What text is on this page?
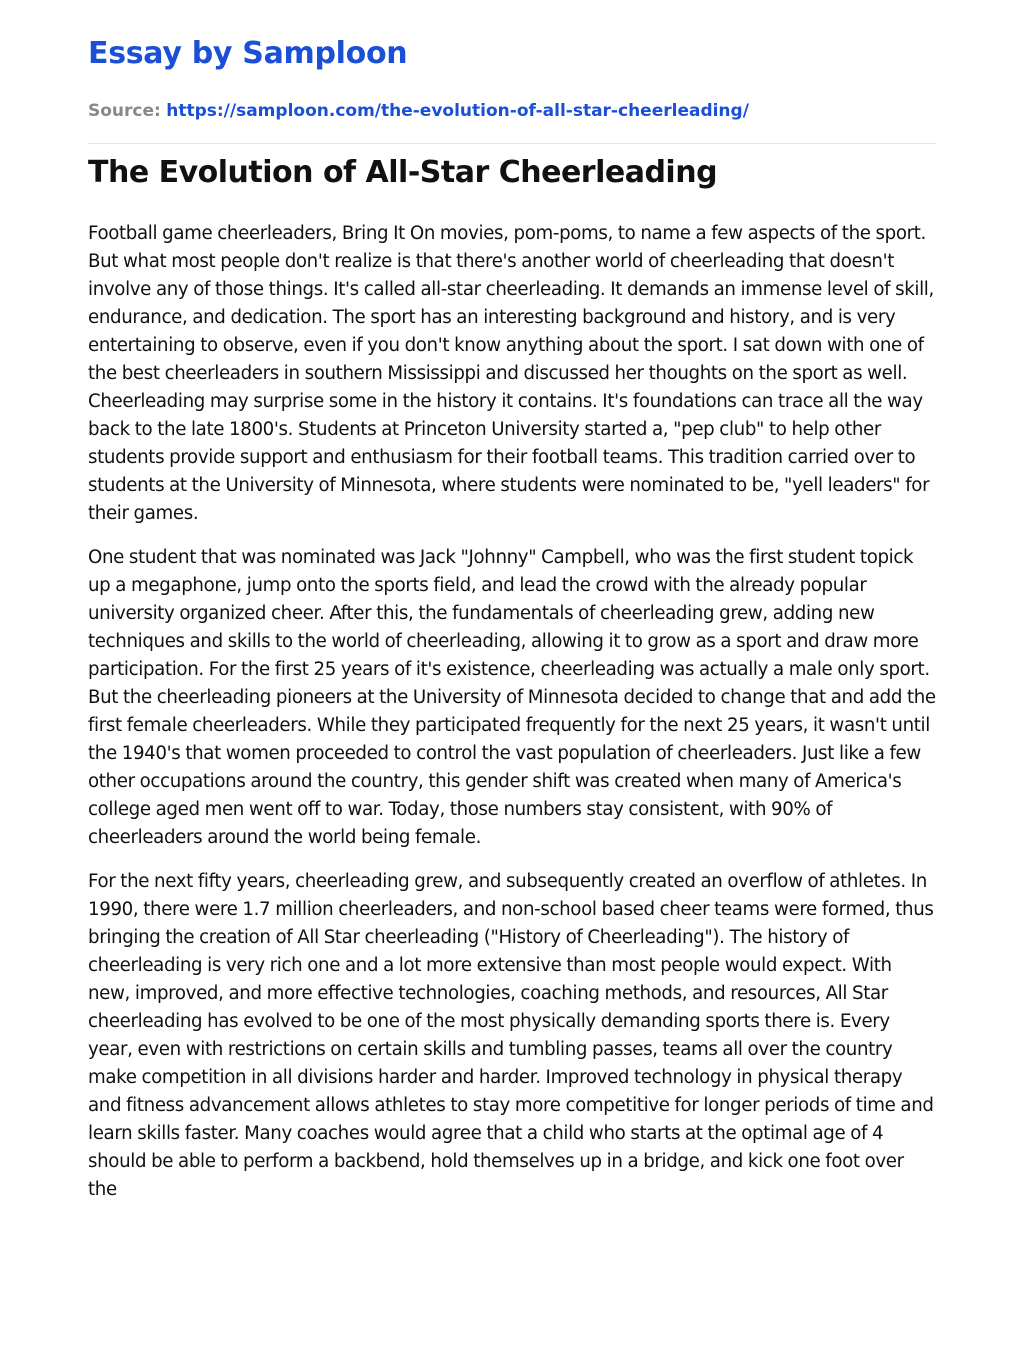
Essay by Samploon
Source: https://samploon.com/the-evolution-of-all-star-cheerleading/
The Evolution of All-Star Cheerleading

Football game cheerleaders, Bring It On movies, pom-poms, to name a few aspects of the sport. But what most people don't realize is that there's another world of cheerleading that doesn't involve any of those things. It's called all-star cheerleading. It demands an immense level of skill, endurance, and dedication. The sport has an interesting background and history, and is very entertaining to observe, even if you don't know anything about the sport. I sat down with one of the best cheerleaders in southern Mississippi and discussed her thoughts on the sport as well. Cheerleading may surprise some in the history it contains. It's foundations can trace all the way back to the late 1800's. Students at Princeton University started a, "pep club" to help other students provide support and enthusiasm for their football teams. This tradition carried over to students at the University of Minnesota, where students were nominated to be, "yell leaders" for their games.

One student that was nominated was Jack "Johnny" Campbell, who was the first student topick up a megaphone, jump onto the sports field, and lead the crowd with the already popular university organized cheer. After this, the fundamentals of cheerleading grew, adding new techniques and skills to the world of cheerleading, allowing it to grow as a sport and draw more participation. For the first 25 years of it's existence, cheerleading was actually a male only sport. But the cheerleading pioneers at the University of Minnesota decided to change that and add the first female cheerleaders. While they participated frequently for the next 25 years, it wasn't until the 1940's that women proceeded to control the vast population of cheerleaders. Just like a few other occupations around the country, this gender shift was created when many of America's college aged men went off to war. Today, those numbers stay consistent, with 90% of cheerleaders around the world being female.

For the next fifty years, cheerleading grew, and subsequently created an overflow of athletes. In 1990, there were 1.7 million cheerleaders, and non-school based cheer teams were formed, thus bringing the creation of All Star cheerleading ("History of Cheerleading"). The history of cheerleading is very rich one and a lot more extensive than most people would expect. With new, improved, and more effective technologies, coaching methods, and resources, All Star cheerleading has evolved to be one of the most physically demanding sports there is. Every year, even with restrictions on certain skills and tumbling passes, teams all over the country make competition in all divisions harder and harder. Improved technology in physical therapy and fitness advancement allows athletes to stay more competitive for longer periods of time and learn skills faster. Many coaches would agree that a child who starts at the optimal age of 4 should be able to perform a backbend, hold themselves up in a bridge, and kick one foot over the
